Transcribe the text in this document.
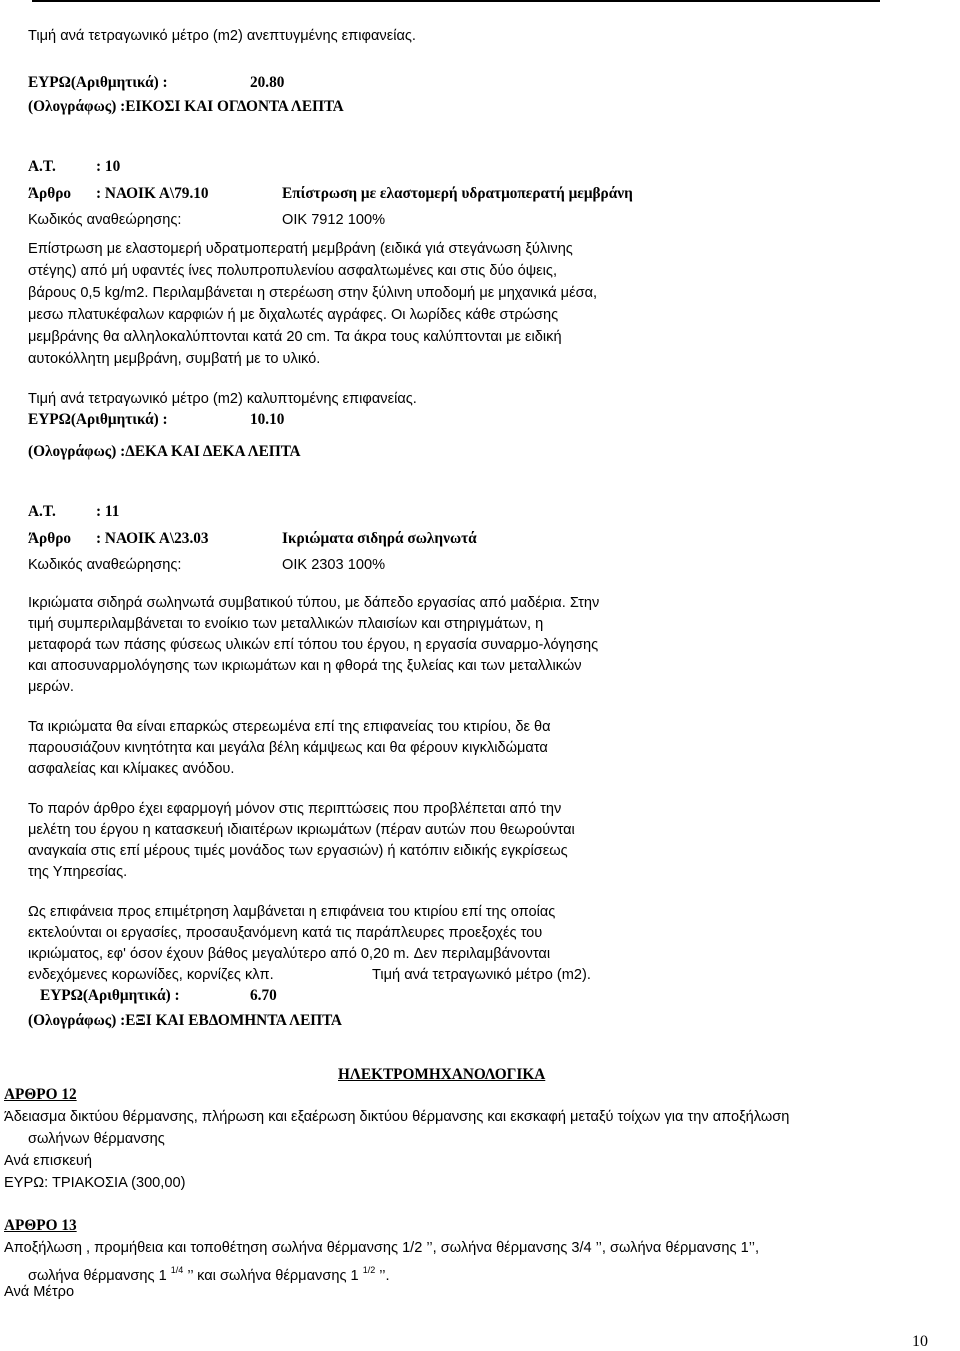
Τιμή ανά τετραγωνικό μέτρο (m2) ανεπτυγμένης επιφανείας.
ΕΥΡΩ(Αριθμητικά) :	20.80
(Ολογράφως) :ΕΙΚΟΣΙ ΚΑΙ ΟΓΔΟΝΤΑ ΛΕΠΤΑ
Α.Τ.	: 10
Άρθρο : ΝΑΟΙΚ Α\79.10	Επίστρωση με ελαστομερή υδρατμοπερατή μεμβράνη
Κωδικός αναθεώρησης:	ΟΙΚ 7912 100%
Επίστρωση με ελαστομερή υδρατμοπερατή μεμβράνη (ειδικά γιά στεγάνωση ξύλινης
στέγης) από μή υφαντές ίνες πολυπροπυλενίου ασφαλτωμένες και στις δύο όψεις,
βάρους 0,5 kg/m2. Περιλαμβάνεται η στερέωση στην ξύλινη υποδομή με μηχανικά μέσα,
μεσω πλατυκέφαλων καρφιών ή με διχαλωτές αγράφες. Οι λωρίδες κάθε στρώσης
μεμβράνης θα αλληλοκαλύπτονται κατά 20 cm. Τα άκρα τους καλύπτονται με ειδική
αυτοκόλλητη μεμβράνη, συμβατή με το υλικό.
Τιμή ανά τετραγωνικό μέτρο (m2) καλυπτομένης επιφανείας.
ΕΥΡΩ(Αριθμητικά) :	10.10
(Ολογράφως) :ΔΕΚΑ ΚΑΙ ΔΕΚΑ ΛΕΠΤΑ
Α.Τ.	: 11
Άρθρο : ΝΑΟΙΚ Α\23.03	Ικριώματα σιδηρά σωληνωτά
Κωδικός αναθεώρησης:	ΟΙΚ 2303 100%
Ικριώματα σιδηρά σωληνωτά συμβατικού τύπου, με δάπεδο εργασίας από μαδέρια. Στην
τιμή συμπεριλαμβάνεται το ενοίκιο των μεταλλικών πλαισίων και στηριγμάτων, η
μεταφορά των πάσης φύσεως υλικών επί τόπου του έργου, η εργασία συναρμο-λόγησης
και αποσυναρμολόγησης των ικριωμάτων και η φθορά της ξυλείας και των μεταλλικών
μερών.
Τα ικριώματα θα είναι επαρκώς στερεωμένα επί της επιφανείας του κτιρίου, δε θα
παρουσιάζουν κινητότητα και μεγάλα βέλη κάμψεως και θα φέρουν κιγκλιδώματα
ασφαλείας και κλίμακες ανόδου.
Το παρόν άρθρο έχει εφαρμογή μόνον στις περιπτώσεις που προβλέπεται από την
μελέτη του έργου η κατασκευή ιδιαιτέρων ικριωμάτων (πέραν αυτών που θεωρούνται
αναγκαία στις επί μέρους τιμές μονάδος των εργασιών) ή κατόπιν ειδικής εγκρίσεως
της Υπηρεσίας.
Ως επιφάνεια προς επιμέτρηση λαμβάνεται η επιφάνεια του κτιρίου επί της οποίας
εκτελούνται οι εργασίες, προσαυξανόμενη κατά τις παράπλευρες προεξοχές του
ικριώματος, εφ' όσον έχουν βάθος μεγαλύτερο από 0,20 m. Δεν περιλαμβάνονται
ενδεχόμενες κορωνίδες, κορνίζες κλπ.	Τιμή ανά τετραγωνικό μέτρο (m2).
ΕΥΡΩ(Αριθμητικά) :	6.70
(Ολογράφως) :ΕΞΙ ΚΑΙ ΕΒΔΟΜΗΝΤΑ ΛΕΠΤΑ
ΗΛΕΚΤΡΟΜΗΧΑΝΟΛΟΓΙΚΑ
ΑΡΘΡΟ 12
Άδειασμα δικτύου θέρμανσης, πλήρωση και εξαέρωση δικτύου θέρμανσης και εκσκαφή μεταξύ τοίχων για την αποξήλωση
σωλήνων θέρμανσης
Ανά επισκευή
ΕΥΡΩ: ΤΡΙΑΚΟΣΙΑ (300,00)
ΑΡΘΡΟ 13
Αποξήλωση , προμήθεια και τοποθέτηση σωλήνα θέρμανσης 1/2 ’’, σωλήνα θέρμανσης 3/4 ’’, σωλήνα θέρμανσης 1’’,
σωλήνα θέρμανσης 1 $^{1/4}$ ’’ και σωλήνα θέρμανσης 1 $^{1/2}$ ’’.
Ανά Μέτρο
10
